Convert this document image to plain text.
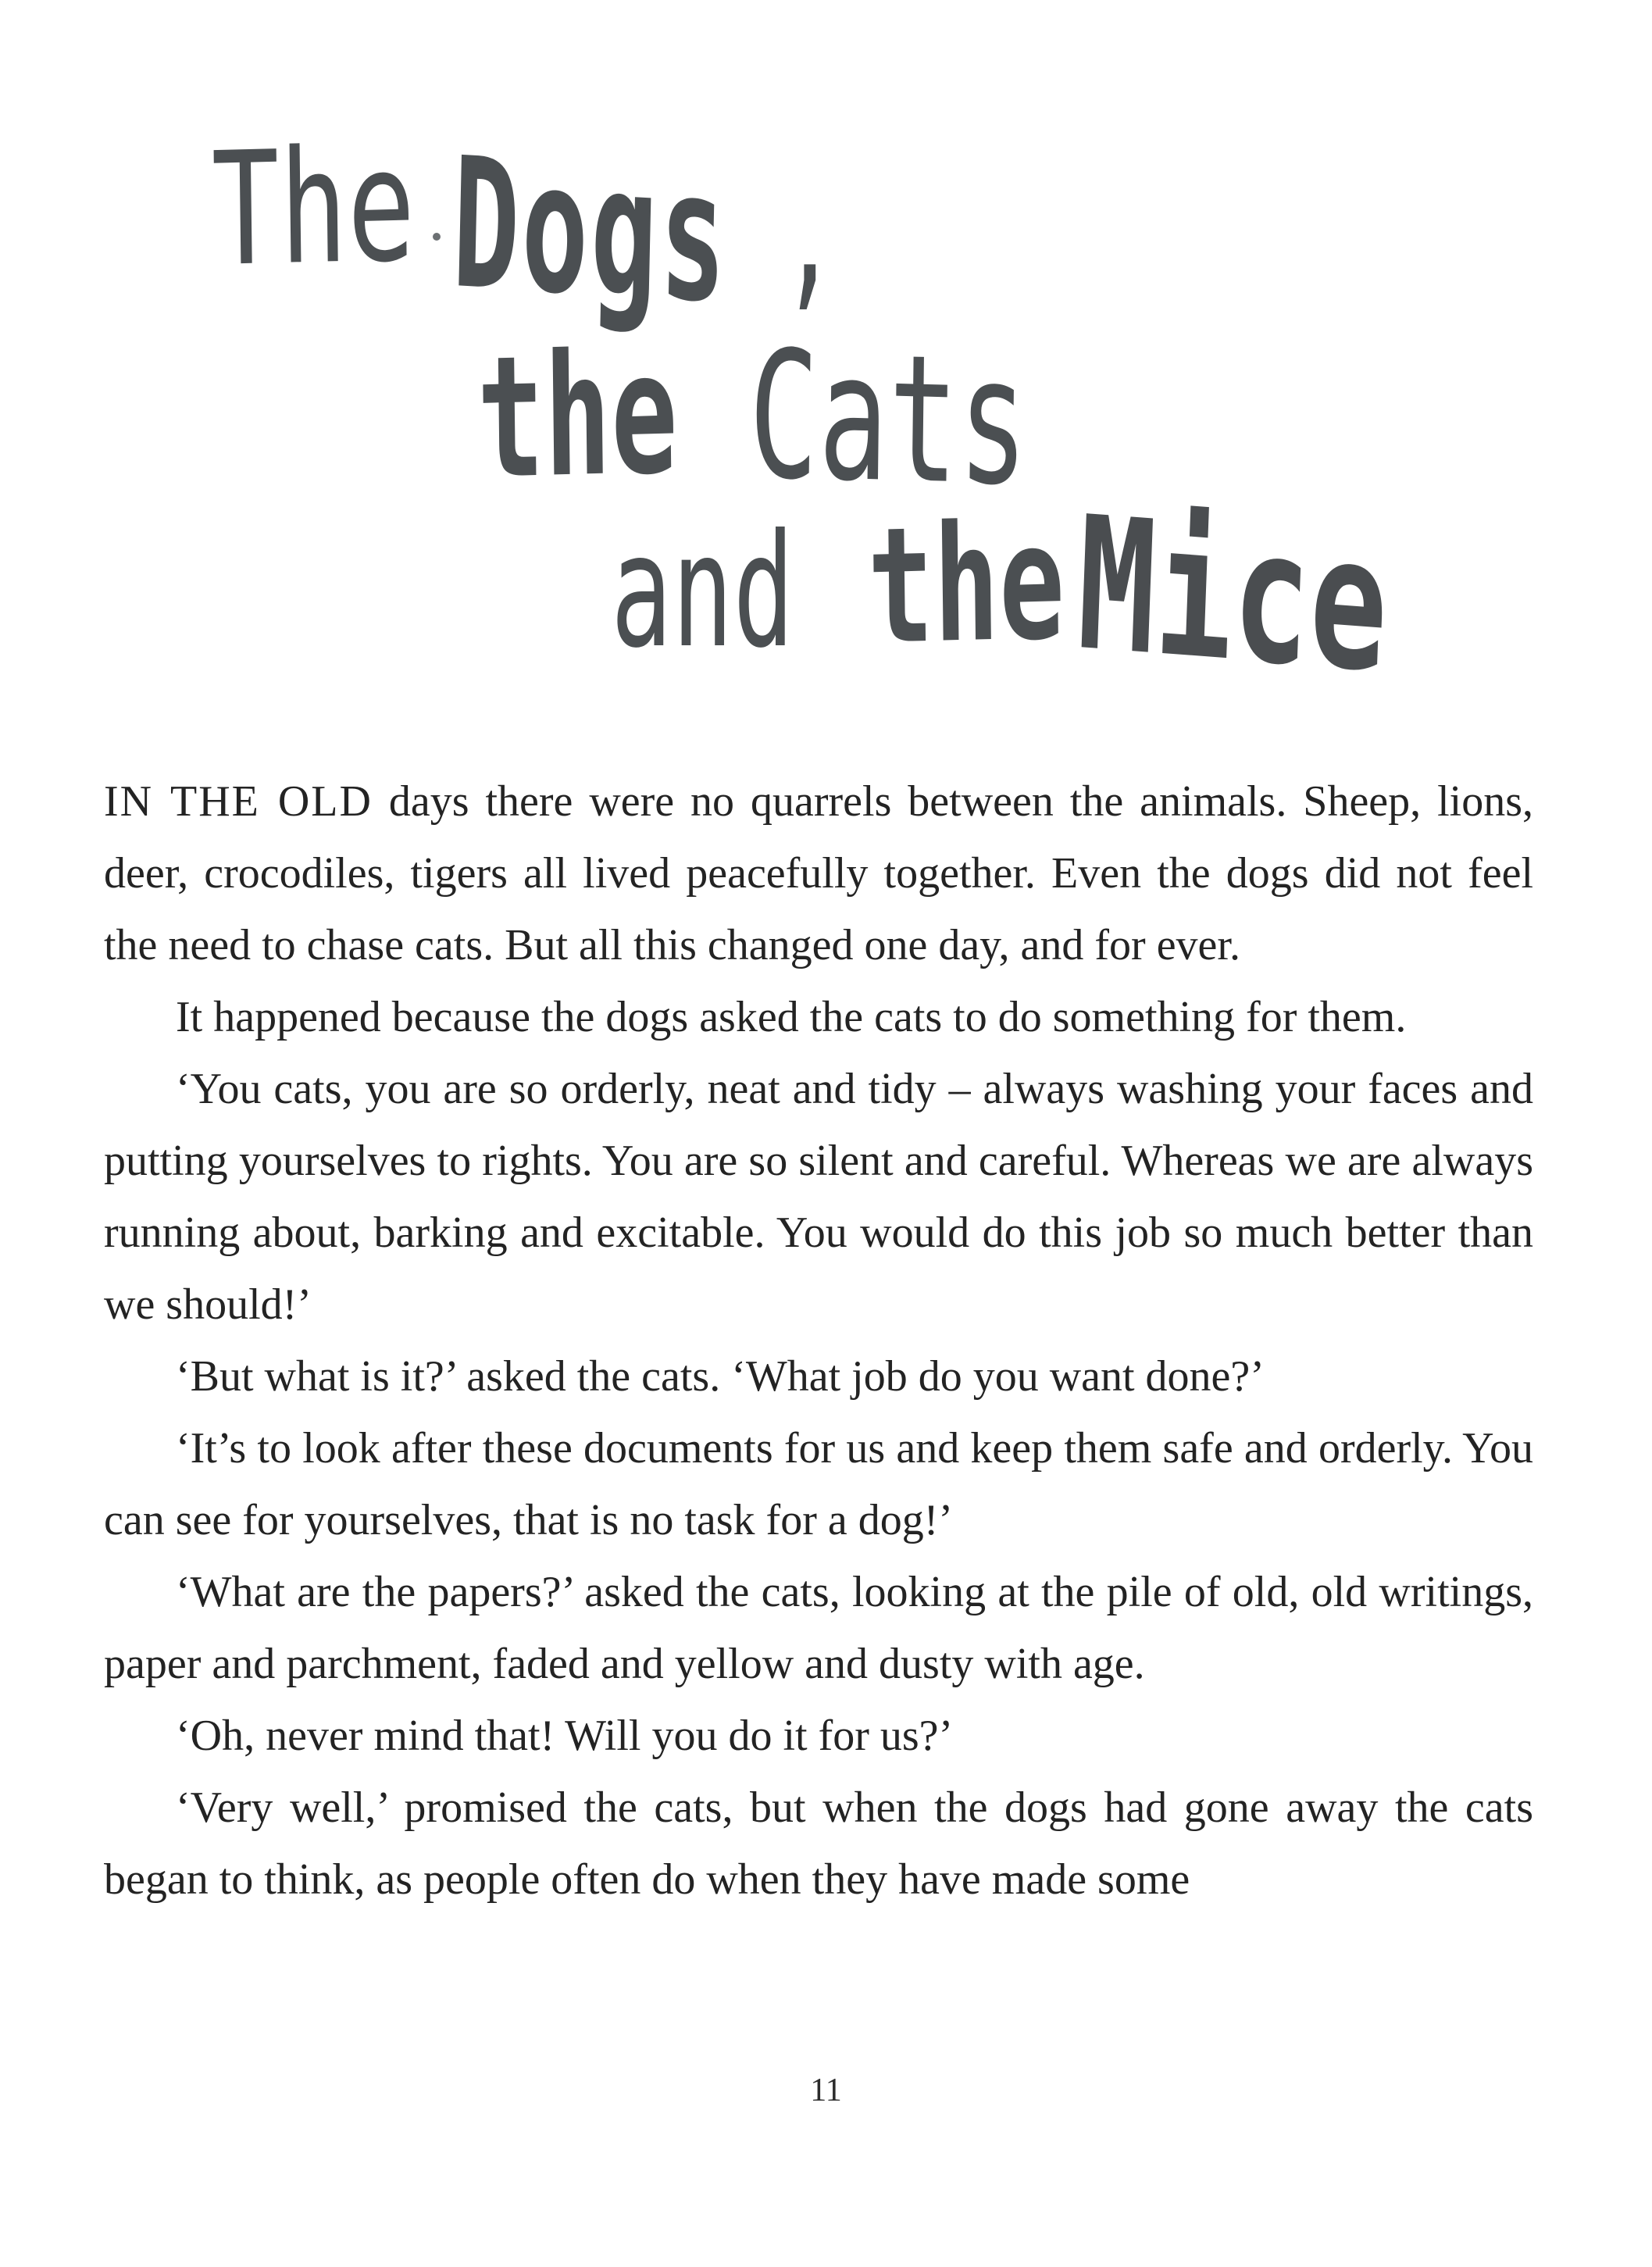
The Dogs ,
the Cats
and the Mice

IN THE OLD days there were no quarrels between the animals. Sheep, lions, deer, crocodiles, tigers all lived peacefully together. Even the dogs did not feel the need to chase cats. But all this changed one day, and for ever.

It happened because the dogs asked the cats to do something for them.

‘You cats, you are so orderly, neat and tidy – always washing your faces and putting yourselves to rights. You are so silent and careful. Whereas we are always running about, barking and excitable. You would do this job so much better than we should!’

‘But what is it?’ asked the cats. ‘What job do you want done?’

‘It’s to look after these documents for us and keep them safe and orderly. You can see for yourselves, that is no task for a dog!’

‘What are the papers?’ asked the cats, looking at the pile of old, old writings, paper and parchment, faded and yellow and dusty with age.

‘Oh, never mind that! Will you do it for us?’

‘Very well,’ promised the cats, but when the dogs had gone away the cats began to think, as people often do when they have made some

11
